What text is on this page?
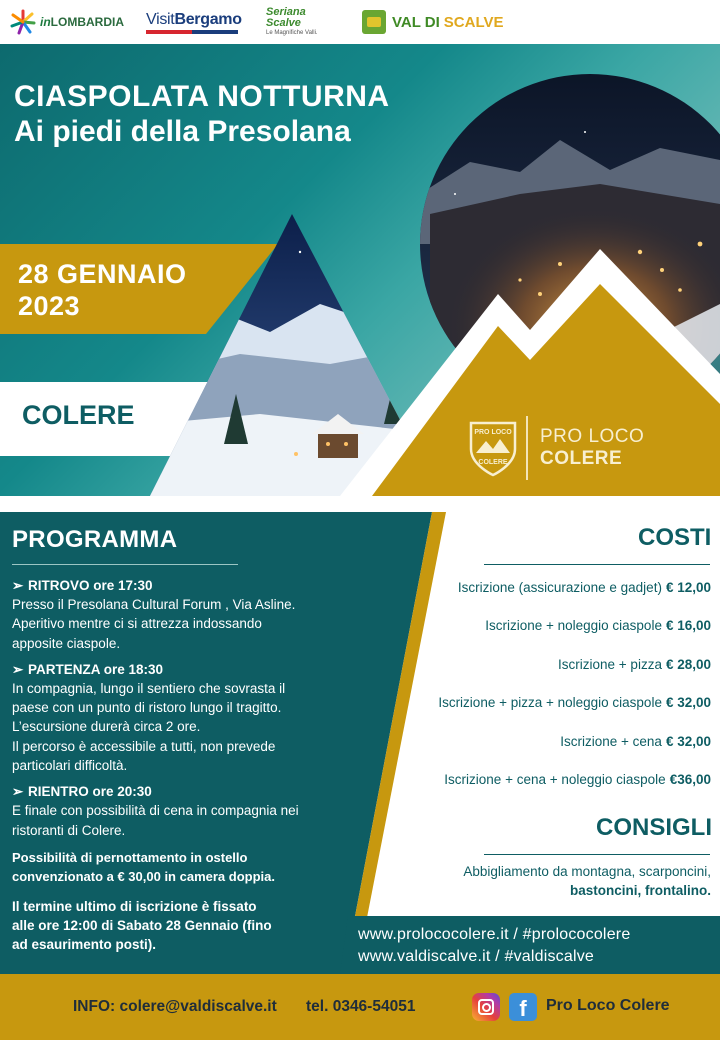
in LOMBARDIA VisitBergamo Seriana
Scalve
Le Magnifiche Valli.
VAL DI SCALVE
CIASPOLATA NOTTURNA
Ai piedi della Presolana
28 GENNAIO
2023
COLERE
PRO LOCO
COLERE
PRO LOCO
COLERE
PROGRAMMA
➢ RITROVO ore 17:30
Presso il Presolana Cultural Forum , Via Asline.
Aperitivo mentre ci si attrezza indossando
apposite ciaspole.
➢ PARTENZA ore 18:30
In compagnia, lungo il sentiero che sovrasta il
paese con un punto di ristoro lungo il tragitto.
L’escursione durerà circa 2 ore.
Il percorso è accessibile a tutti, non prevede
particolari difficoltà.
➢ RIENTRO ore 20:30
E finale con possibilità di cena in compagnia nei
ristoranti di Colere.
Possibilità di pernottamento in ostello
convenzionato a € 30,00 in camera doppia.
Il termine ultimo di iscrizione è fissato
alle ore 12:00 di Sabato 28 Gennaio (fino
ad esaurimento posti).
COSTI
Iscrizione (assicurazione e gadjet) € 12,00
Iscrizione + noleggio ciaspole € 16,00
Iscrizione + pizza € 28,00
Iscrizione + pizza + noleggio ciaspole € 32,00
Iscrizione + cena € 32,00
Iscrizione + cena + noleggio ciaspole €36,00
CONSIGLI
Abbigliamento da montagna, scarponcini,
bastoncini, frontalino.
www.prolococolere.it / #prolococolere
www.valdiscalve.it / #valdiscalve
INFO: colere@valdiscalve.it tel. 0346-54051	f	Pro Loco Colere
